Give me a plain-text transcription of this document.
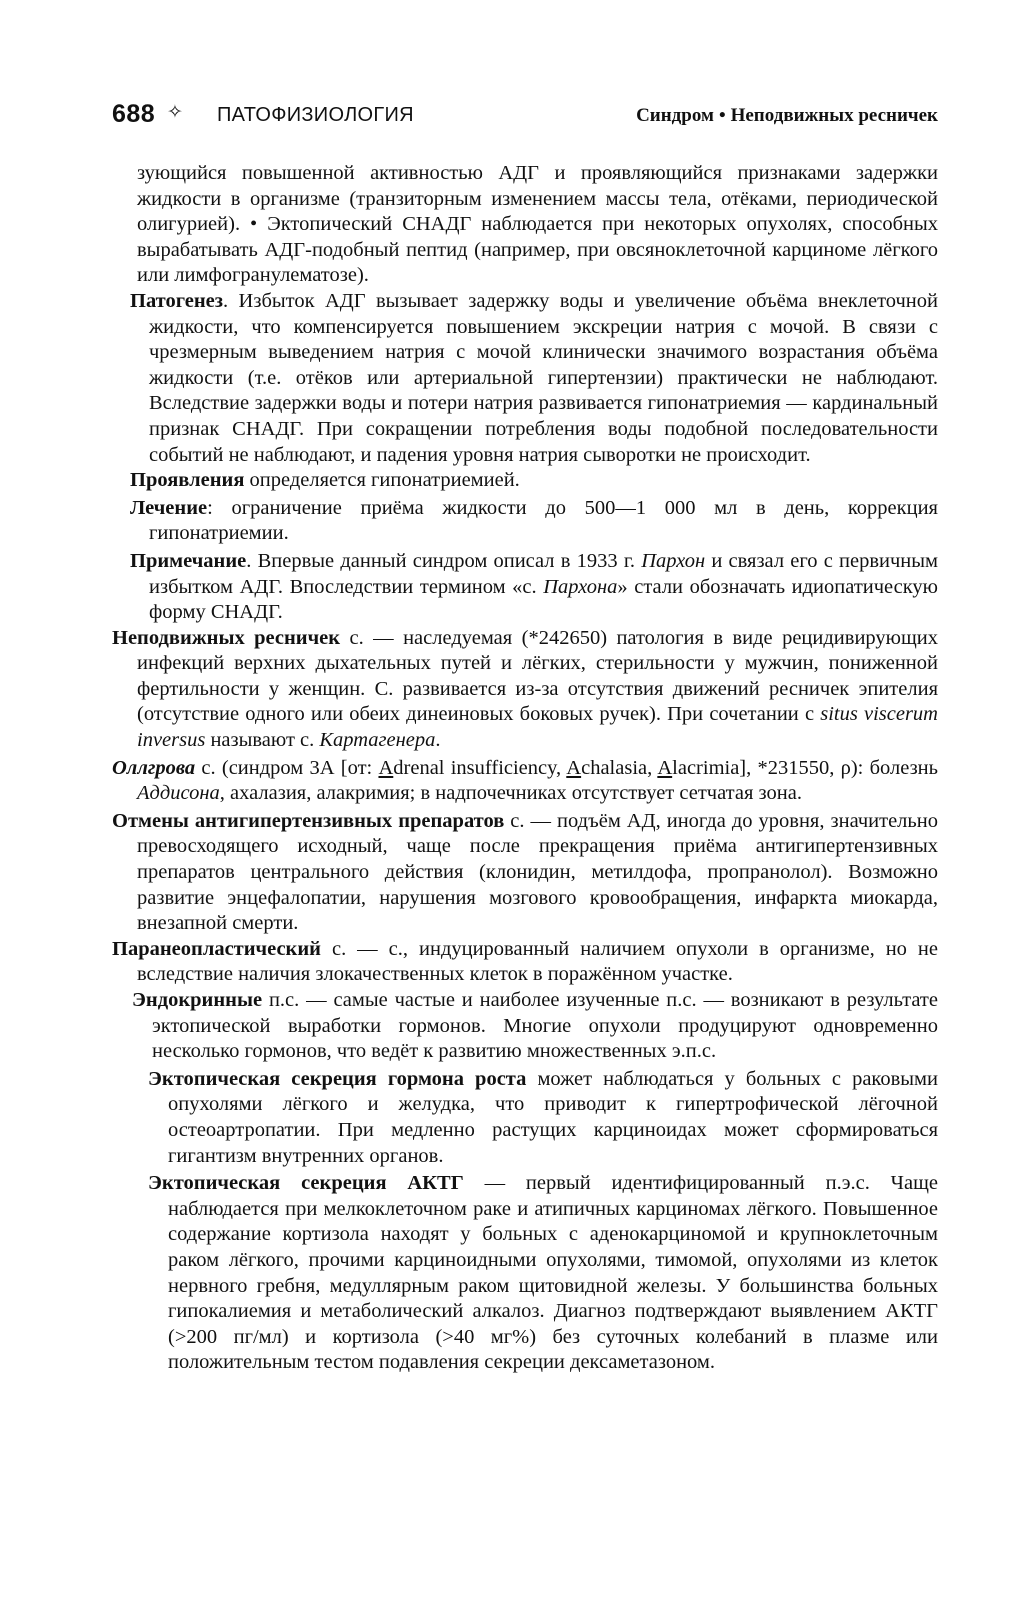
688 ✧ ПАТОФИЗИОЛОГИЯ	Синдром • Неподвижных ресничек

зующийся повышенной активностью АДГ и проявляющийся признаками задержки жидкости в организме (транзиторным изменением массы тела, отёками, периодической олигурией). • Эктопический СНАДГ наблюдается при некоторых опухолях, способных вырабатывать АДГ-подобный пептид (например, при овсяноклеточной карциноме лёгкого или лимфогранулематозе).

Патогенез. Избыток АДГ вызывает задержку воды и увеличение объёма внеклеточной жидкости, что компенсируется повышением экскреции натрия с мочой. В связи с чрезмерным выведением натрия с мочой клинически значимого возрастания объёма жидкости (т.е. отёков или артериальной гипертензии) практически не наблюдают. Вследствие задержки воды и потери натрия развивается гипонатриемия — кардинальный признак СНАДГ. При сокращении потребления воды подобной последовательности событий не наблюдают, и падения уровня натрия сыворотки не происходит.

Проявления определяется гипонатриемией.

Лечение: ограничение приёма жидкости до 500—1 000 мл в день, коррекция гипонатриемии.

Примечание. Впервые данный синдром описал в 1933 г. Пархон и связал его с первичным избытком АДГ. Впоследствии термином «с. Пархона» стали обозначать идиопатическую форму СНАДГ.

Неподвижных ресничек с. — наследуемая (*242650) патология в виде рецидивирующих инфекций верхних дыхательных путей и лёгких, стерильности у мужчин, пониженной фертильности у женщин. С. развивается из-за отсутствия движений ресничек эпителия (отсутствие одного или обеих динеиновых боковых ручек). При сочетании с situs viscerum inversus называют с. Картагенера.

Оллгрова с. (синдром 3А [от: Adrenal insufficiency, Achalasia, Alacrimia], *231550, ρ): болезнь Аддисона, ахалазия, алакримия; в надпочечниках отсутствует сетчатая зона.

Отмены антигипертензивных препаратов с. — подъём АД, иногда до уровня, значительно превосходящего исходный, чаще после прекращения приёма антигипертензивных препаратов центрального действия (клонидин, метилдофа, пропранолол). Возможно развитие энцефалопатии, нарушения мозгового кровообращения, инфаркта миокарда, внезапной смерти.

Паранеопластический с. — с., индуцированный наличием опухоли в организме, но не вследствие наличия злокачественных клеток в поражённом участке.

Эндокринные п.с. — самые частые и наиболее изученные п.с. — возникают в результате эктопической выработки гормонов. Многие опухоли продуцируют одновременно несколько гормонов, что ведёт к развитию множественных э.п.с.

Эктопическая секреция гормона роста может наблюдаться у больных с раковыми опухолями лёгкого и желудка, что приводит к гипертрофической лёгочной остеоартропатии. При медленно растущих карциноидах может сформироваться гигантизм внутренних органов.

Эктопическая секреция АКТГ — первый идентифицированный п.э.с. Чаще наблюдается при мелкоклеточном раке и атипичных карциномах лёгкого. Повышенное содержание кортизола находят у больных с аденокарциномой и крупноклеточным раком лёгкого, прочими карциноидными опухолями, тимомой, опухолями из клеток нервного гребня, медуллярным раком щитовидной железы. У большинства больных гипокалиемия и метаболический алкалоз. Диагноз подтверждают выявлением АКТГ (>200 пг/мл) и кортизола (>40 мг%) без суточных колебаний в плазме или положительным тестом подавления секреции дексаметазоном.
